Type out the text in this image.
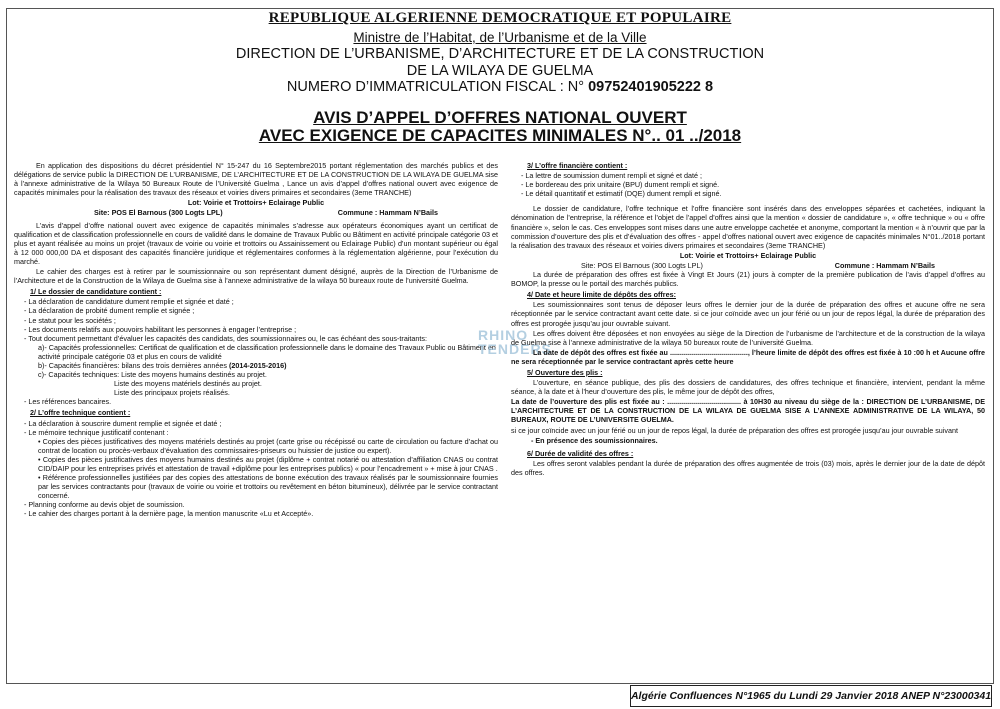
REPUBLIQUE ALGERIENNE DEMOCRATIQUE ET POPULAIRE
Ministre de l’Habitat, de l’Urbanisme et de la Ville
DIRECTION DE L’URBANISME, D’ARCHITECTURE ET DE LA CONSTRUCTION
DE LA WILAYA DE GUELMA
NUMERO D’IMMATRICULATION FISCAL : N° 09752401905222 8
AVIS D’APPEL D’OFFRES NATIONAL OUVERT
AVEC EXIGENCE DE CAPACITES MINIMALES N°.. 01 ../2018

En application des dispositions du décret présidentiel N° 15-247 du 16 Septembre2015 portant réglementation des marchés publics et des délégations de service public la DIRECTION DE L’URBANISME, DE L’ARCHITECTURE ET DE LA CONSTRUCTION DE LA WILAYA DE GUELMA sise à l’annexe administrative de la Wilaya 50 Bureaux Route de l’Université Guelma , Lance un avis d’appel d’offres national ouvert avec exigence de capacités minimales pour la réalisation des travaux des réseaux et voiries divers primaires et secondaires (3eme TRANCHE)

Lot: Voirie et Trottoirs+ Eclairage Public

Site: POS El Barnous (300 Logts LPL)	Commune : Hammam N’Bails

L’avis d’appel d’offre national ouvert avec exigence de capacités minimales s’adresse aux opérateurs économiques ayant un certificat de qualification et de classification professionnelle en cours de validité dans le domaine de Travaux Public ou Bâtiment en activité principale catégorie 03 et plus et ayant réalisée au moins un projet (travaux de voirie ou voirie et trottoirs ou Assainissement ou Eclairage Public) d’un montant supérieur ou égal à 12 000 000,00 DA et disposant des capacités financière juridique et réglementaires conformes à la réglementation algérienne, pour l’exécution du marché.

Le cahier des charges est à retirer par le soumissionnaire ou son représentant dument désigné, auprès de la Direction de l’Urbanisme de l’Architecture et de la Construction de la Wilaya de Guelma sise à l’annexe administrative de la wilaya 50 bureaux route de l’université Guelma.

1/ Le dossier de candidature contient :

- La déclaration de candidature dument remplie et signée et daté ;

- La déclaration de probité dument remplie et signée ;

- Le statut pour les sociétés ;

- Les documents relatifs aux pouvoirs habilitant les personnes à engager l’entreprise ;

- Tout document permettant d’évaluer les capacités des candidats, des soumissionnaires ou, le cas échéant des sous-traitants:

a)- Capacités professionnelles: Certificat de qualification et de classification professionnelle dans le domaine des Travaux Public ou Bâtiment en activité principale catégorie 03 et plus en cours de validité

b)- Capacités financières: bilans des trois dernières années (2014-2015-2016)

c)- Capacités techniques: Liste des moyens humains destinés au projet.

Liste des moyens matériels destinés au projet.

Liste des principaux projets réalisés.

- Les références bancaires.

2/ L’offre technique contient :

- La déclaration à souscrire dument remplie et signée et daté ;

- Le mémoire technique justificatif contenant :

• Copies des pièces justificatives des moyens matériels destinés au projet (carte grise ou récépissé ou carte de circulation ou facture d’achat ou contrat de location ou procès-verbaux d’évaluation des commissaires-priseurs ou huissier de justice ou expert).

• Copies des pièces justificatives des moyens humains destinés au projet (diplôme + contrat notarié ou attestation d’affiliation CNAS ou contrat CID/DAIP pour les entreprises privés et attestation de travail +diplôme pour les entreprises publics) « pour l’encadrement » + mise à jour CNAS .

• Référence professionnelles justifiées par des copies des attestations de bonne exécution des travaux réalisés par le soumissionnaire fournies par les services contractants pour (travaux de voirie ou voirie et trottoirs ou revêtement en béton bitumineux), délivrée par le service contractant concerné.

- Planning conforme au devis objet de soumission.

- Le cahier des charges portant à la dernière page, la mention manuscrite «Lu et Accepté».

RHINO TENDERS

3/ L’offre financière contient :

- La lettre de soumission dument rempli et signé et daté ;

- Le bordereau des prix unitaire (BPU) dument rempli et signé.

- Le détail quantitatif et estimatif (DQE) dument rempli et signé.

Le dossier de candidature, l’offre technique et l’offre financière sont insérés dans des enveloppes séparées et cachetées, indiquant la dénomination de l’entreprise, la référence et l’objet de l’appel d’offres ainsi que la mention « dossier de candidature », « offre technique » ou « offre financière », selon le cas. Ces enveloppes sont mises dans une autre enveloppe cachetée et anonyme, comportant la mention « à n’ouvrir que par la commission d’ouverture des plis et d’évaluation des offres - appel d’offres national ouvert avec exigence de capacités minimales N°01../2018 portant la réalisation des travaux des réseaux et voiries divers primaires et secondaires (3eme TRANCHE)

Lot: Voirie et Trottoirs+ Eclairage Public

Site: POS El Barnous (300 Logts LPL)	Commune : Hammam N’Bails

La durée de préparation des offres est fixée à Vingt Et Jours (21) jours à compter de la première publication de l’avis d’appel d’offres au BOMOP, la presse ou le portail des marchés publics.

4/ Date et heure limite de dépôts des offres:

Les soumissionnaires sont tenus de déposer leurs offres le dernier jour de la durée de préparation des offres et aucune offre ne sera réceptionnée par le service contractant avant cette date. si ce jour coïncide avec un jour férié ou un jour de repos légal, la durée de préparation des offres est prorogée jusqu’au jour ouvrable suivant.

Les offres doivent être déposées et non envoyées au siège de la Direction de l’urbanisme de l’architecture et de la construction de la wilaya de Guelma sise à l’annexe administrative de la wilaya 50 bureaux route de l’université Guelma.

La date de dépôt des offres est fixée au ......................................., l’heure limite de dépôt des offres est fixée à 10 :00 h et Aucune offre ne sera réceptionnée par le service contractant après cette heure

5/ Ouverture des plis :

L’ouverture, en séance publique, des plis des dossiers de candidatures, des offres technique et financière, intervient, pendant la même séance, à la date et à l’heur d’ouverture des plis, le même jour de dépôt des offres,

La date de l’ouverture des plis est fixée au : ..................................... à 10H30 au niveau du siège de la : DIRECTION DE L’URBANISME, DE L’ARCHITECTURE ET DE LA CONSTRUCTION DE LA WILAYA DE GUELMA SISE A L’ANNEXE ADMINISTRATIVE DE LA WILAYA, 50 BUREAUX, ROUTE DE L’UNIVERSITE GUELMA.

si ce jour coïncide avec un jour férié ou un jour de repos légal, la durée de préparation des offres est prorogée jusqu’au jour ouvrable suivant

- En présence des soumissionnaires.

6/ Durée de validité des offres :

Les offres seront valables pendant la durée de préparation des offres augmentée de trois (03) mois, après le dernier jour de la date de dépôt des offres.

Algérie Confluences N°1965 du Lundi 29 Janvier 2018 ANEP N°23000341
